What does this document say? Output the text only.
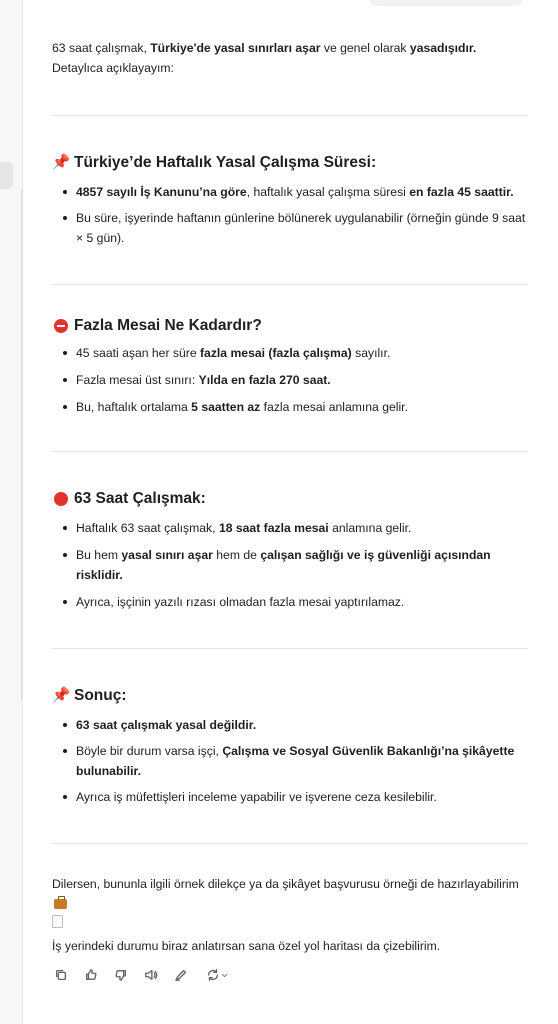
63 saat çalışmak, Türkiye'de yasal sınırları aşar ve genel olarak yasadışıdır. Detaylıca açıklayayım:

📌 Türkiye’de Haftalık Yasal Çalışma Süresi:
4857 sayılı İş Kanunu’na göre, haftalık yasal çalışma süresi en fazla 45 saattir.
Bu süre, işyerinde haftanın günlerine bölünerek uygulanabilir (örneğin günde 9 saat × 5 gün).
Fazla Mesai Ne Kadardır?
45 saati aşan her süre fazla mesai (fazla çalışma) sayılır.
Fazla mesai üst sınırı: Yılda en fazla 270 saat.
Bu, haftalık ortalama 5 saatten az fazla mesai anlamına gelir.
63 Saat Çalışmak:
Haftalık 63 saat çalışmak, 18 saat fazla mesai anlamına gelir.
Bu hem yasal sınırı aşar hem de çalışan sağlığı ve iş güvenliği açısından risklidir.
Ayrıca, işçinin yazılı rızası olmadan fazla mesai yaptırılamaz.
📌 Sonuç:
63 saat çalışmak yasal değildir.
Böyle bir durum varsa işçi, Çalışma ve Sosyal Güvenlik Bakanlığı’na şikâyette bulunabilir.
Ayrıca iş müfettişleri inceleme yapabilir ve işverene ceza kesilebilir.

Dilersen, bununla ilgili örnek dilekçe ya da şikâyet başvurusu örneği de hazırlayabilirim

İş yerindeki durumu biraz anlatırsan sana özel yol haritası da çizebilirim.
